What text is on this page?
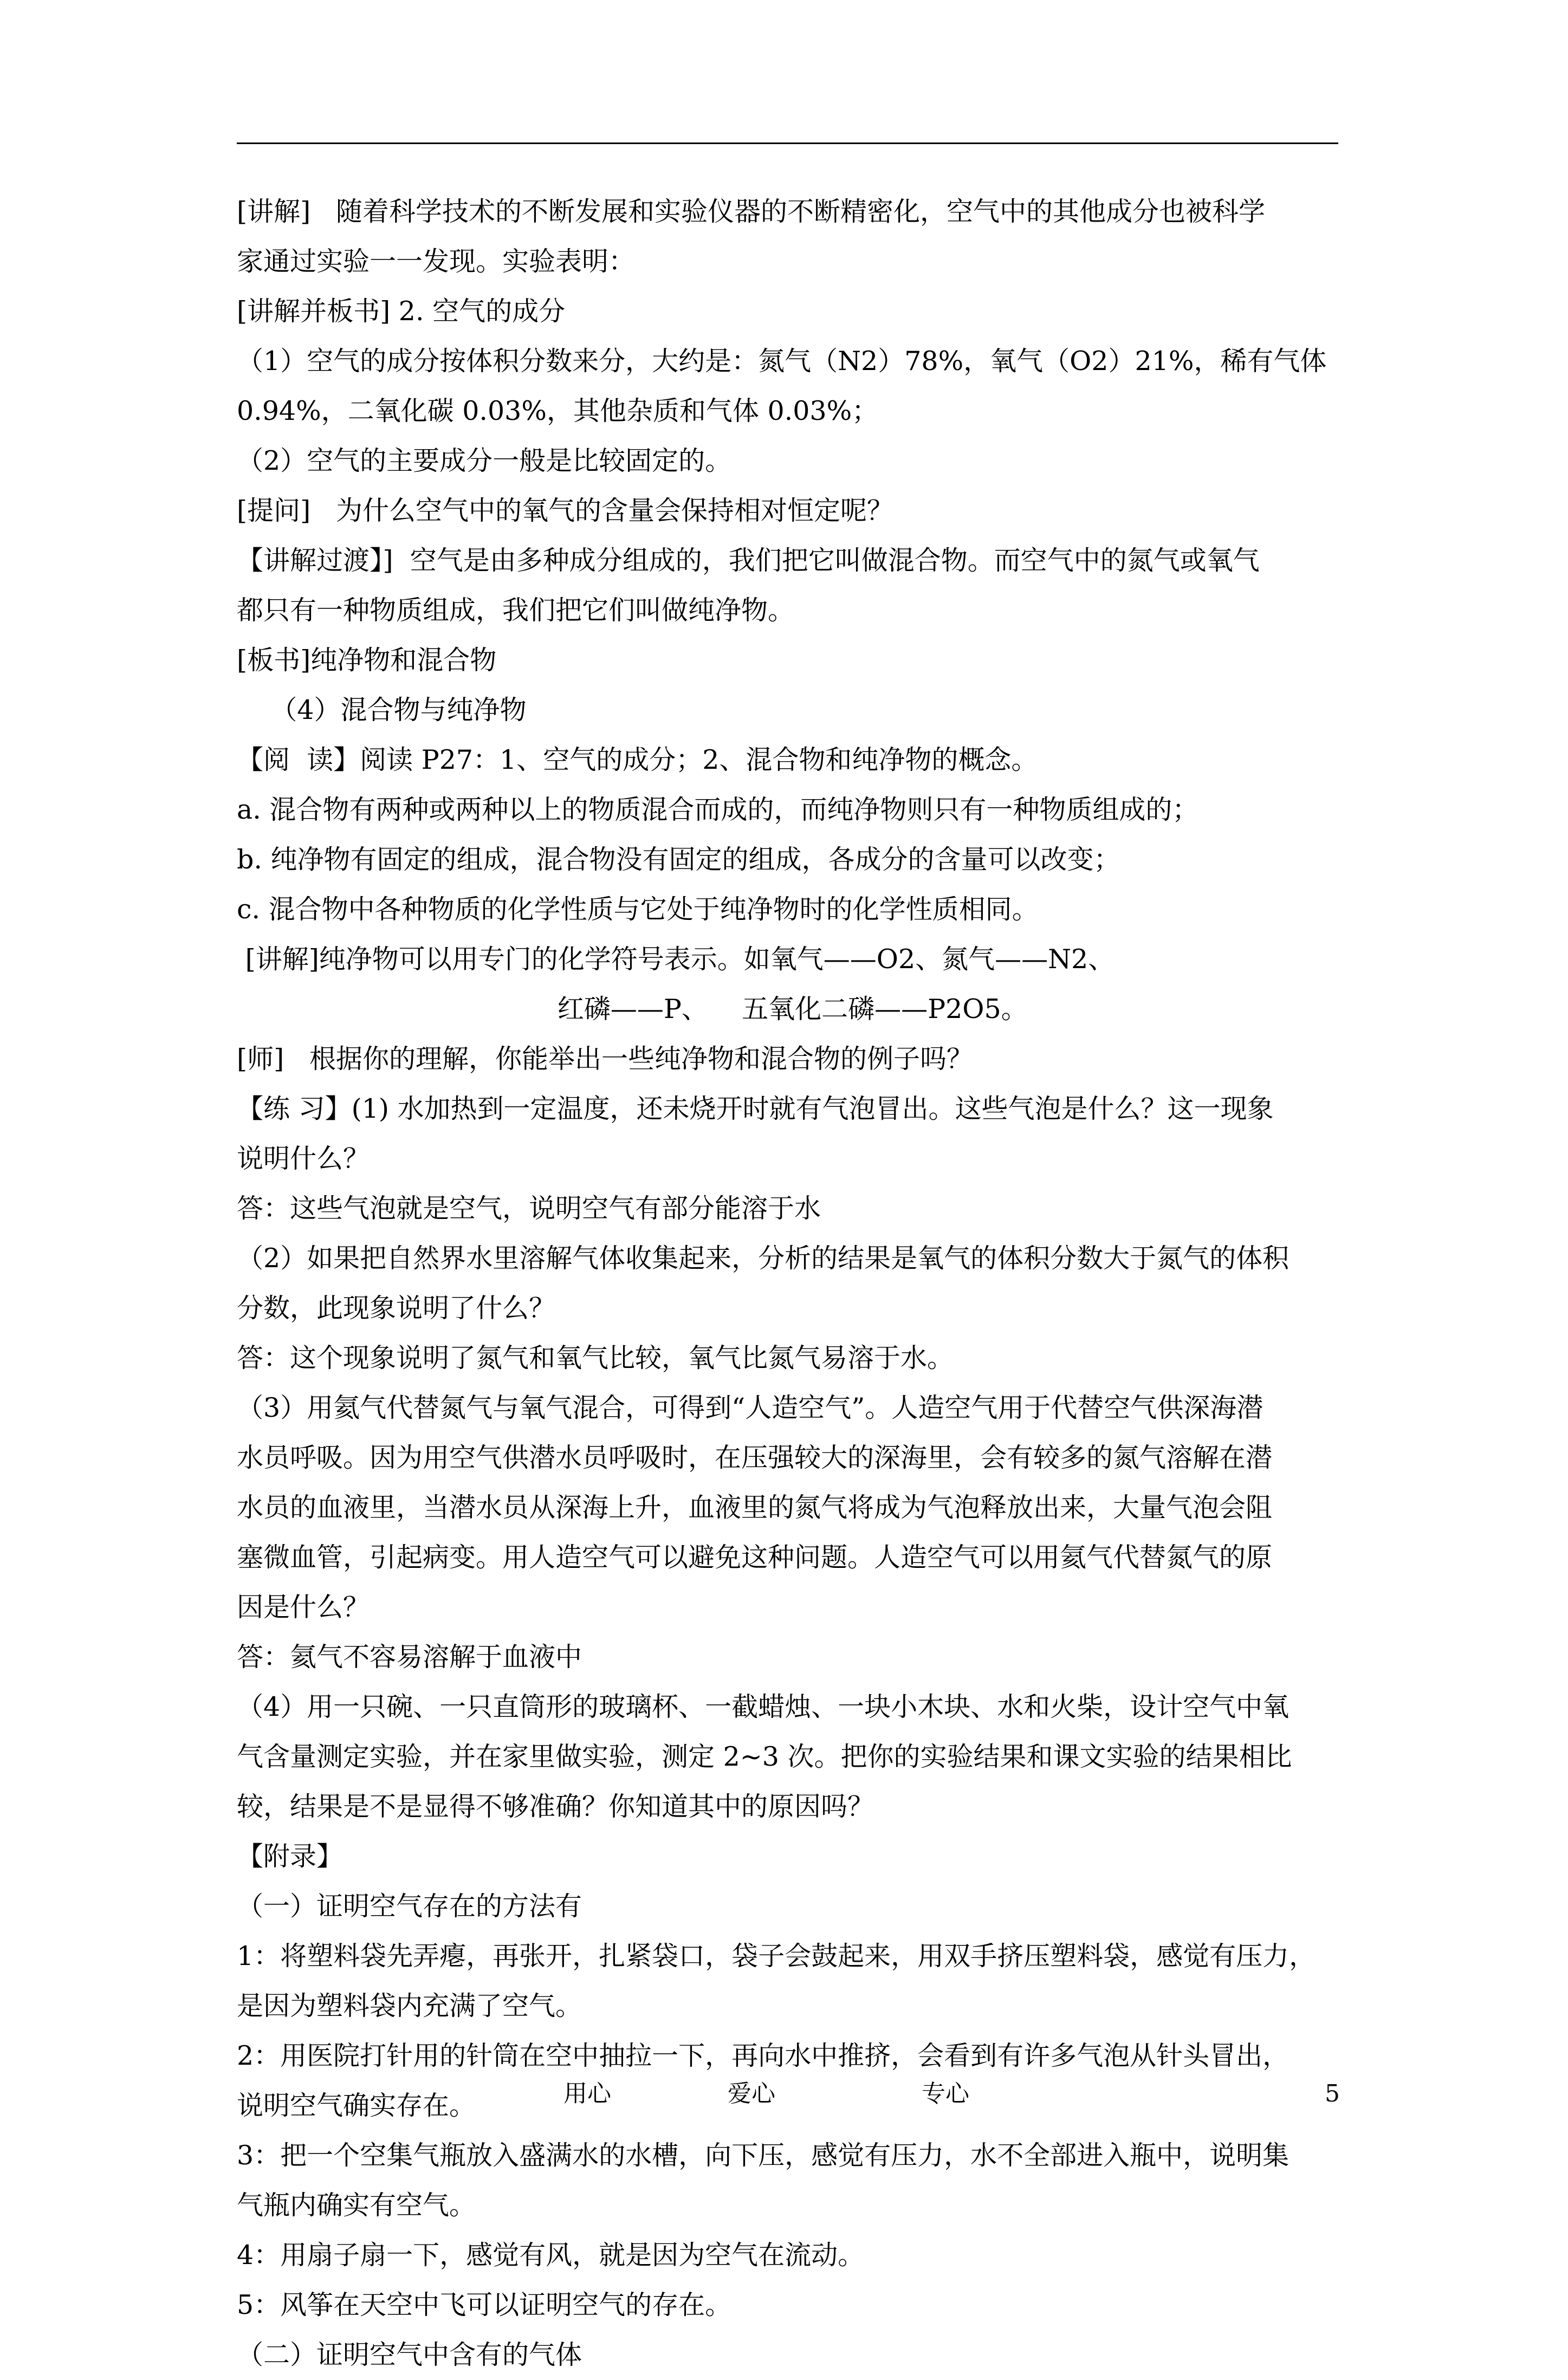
[讲解]   随着科学技术的不断发展和实验仪器的不断精密化，空气中的其他成分也被科学
家通过实验一一发现。实验表明：
[讲解并板书] 2. 空气的成分
（1）空气的成分按体积分数来分，大约是：氮气（N2）78%，氧气（O2）21%，稀有气体
0.94%，二氧化碳 0.03%，其他杂质和气体 0.03%；
（2）空气的主要成分一般是比较固定的。
[提问]   为什么空气中的氧气的含量会保持相对恒定呢？
【讲解过渡】]  空气是由多种成分组成的，我们把它叫做混合物。而空气中的氮气或氧气
都只有一种物质组成，我们把它们叫做纯净物。
[板书]纯净物和混合物
（4）混合物与纯净物
【阅  读】阅读 P27：1、空气的成分；2、混合物和纯净物的概念。
a. 混合物有两种或两种以上的物质混合而成的，而纯净物则只有一种物质组成的；
b. 纯净物有固定的组成，混合物没有固定的组成，各成分的含量可以改变；
c. 混合物中各种物质的化学性质与它处于纯净物时的化学性质相同。
[讲解]纯净物可以用专门的化学符号表示。如氧气——O2、氮气——N2、
红磷——P、    五氧化二磷——P2O5。
[师]   根据你的理解，你能举出一些纯净物和混合物的例子吗？
【练 习】(1) 水加热到一定温度，还未烧开时就有气泡冒出。这些气泡是什么？这一现象
说明什么？
答：这些气泡就是空气，说明空气有部分能溶于水
（2）如果把自然界水里溶解气体收集起来，分析的结果是氧气的体积分数大于氮气的体积
分数，此现象说明了什么？
答：这个现象说明了氮气和氧气比较，氧气比氮气易溶于水。
（3）用氦气代替氮气与氧气混合，可得到“人造空气”。人造空气用于代替空气供深海潜
水员呼吸。因为用空气供潜水员呼吸时，在压强较大的深海里，会有较多的氮气溶解在潜
水员的血液里，当潜水员从深海上升，血液里的氮气将成为气泡释放出来，大量气泡会阻
塞微血管，引起病变。用人造空气可以避免这种问题。人造空气可以用氦气代替氮气的原
因是什么？
答：氦气不容易溶解于血液中
（4）用一只碗、一只直筒形的玻璃杯、一截蜡烛、一块小木块、水和火柴，设计空气中氧
气含量测定实验，并在家里做实验，测定 2~3 次。把你的实验结果和课文实验的结果相比
较，结果是不是显得不够准确？你知道其中的原因吗？
【附录】
（一）证明空气存在的方法有
1：将塑料袋先弄瘪，再张开，扎紧袋口，袋子会鼓起来，用双手挤压塑料袋，感觉有压力，
是因为塑料袋内充满了空气。
2：用医院打针用的针筒在空中抽拉一下，再向水中推挤，会看到有许多气泡从针头冒出，
说明空气确实存在。
3：把一个空集气瓶放入盛满水的水槽，向下压，感觉有压力，水不全部进入瓶中，说明集
气瓶内确实有空气。
4：用扇子扇一下，感觉有风，就是因为空气在流动。
5：风筝在天空中飞可以证明空气的存在。
（二）证明空气中含有的气体
用心	爱心	专心	5
